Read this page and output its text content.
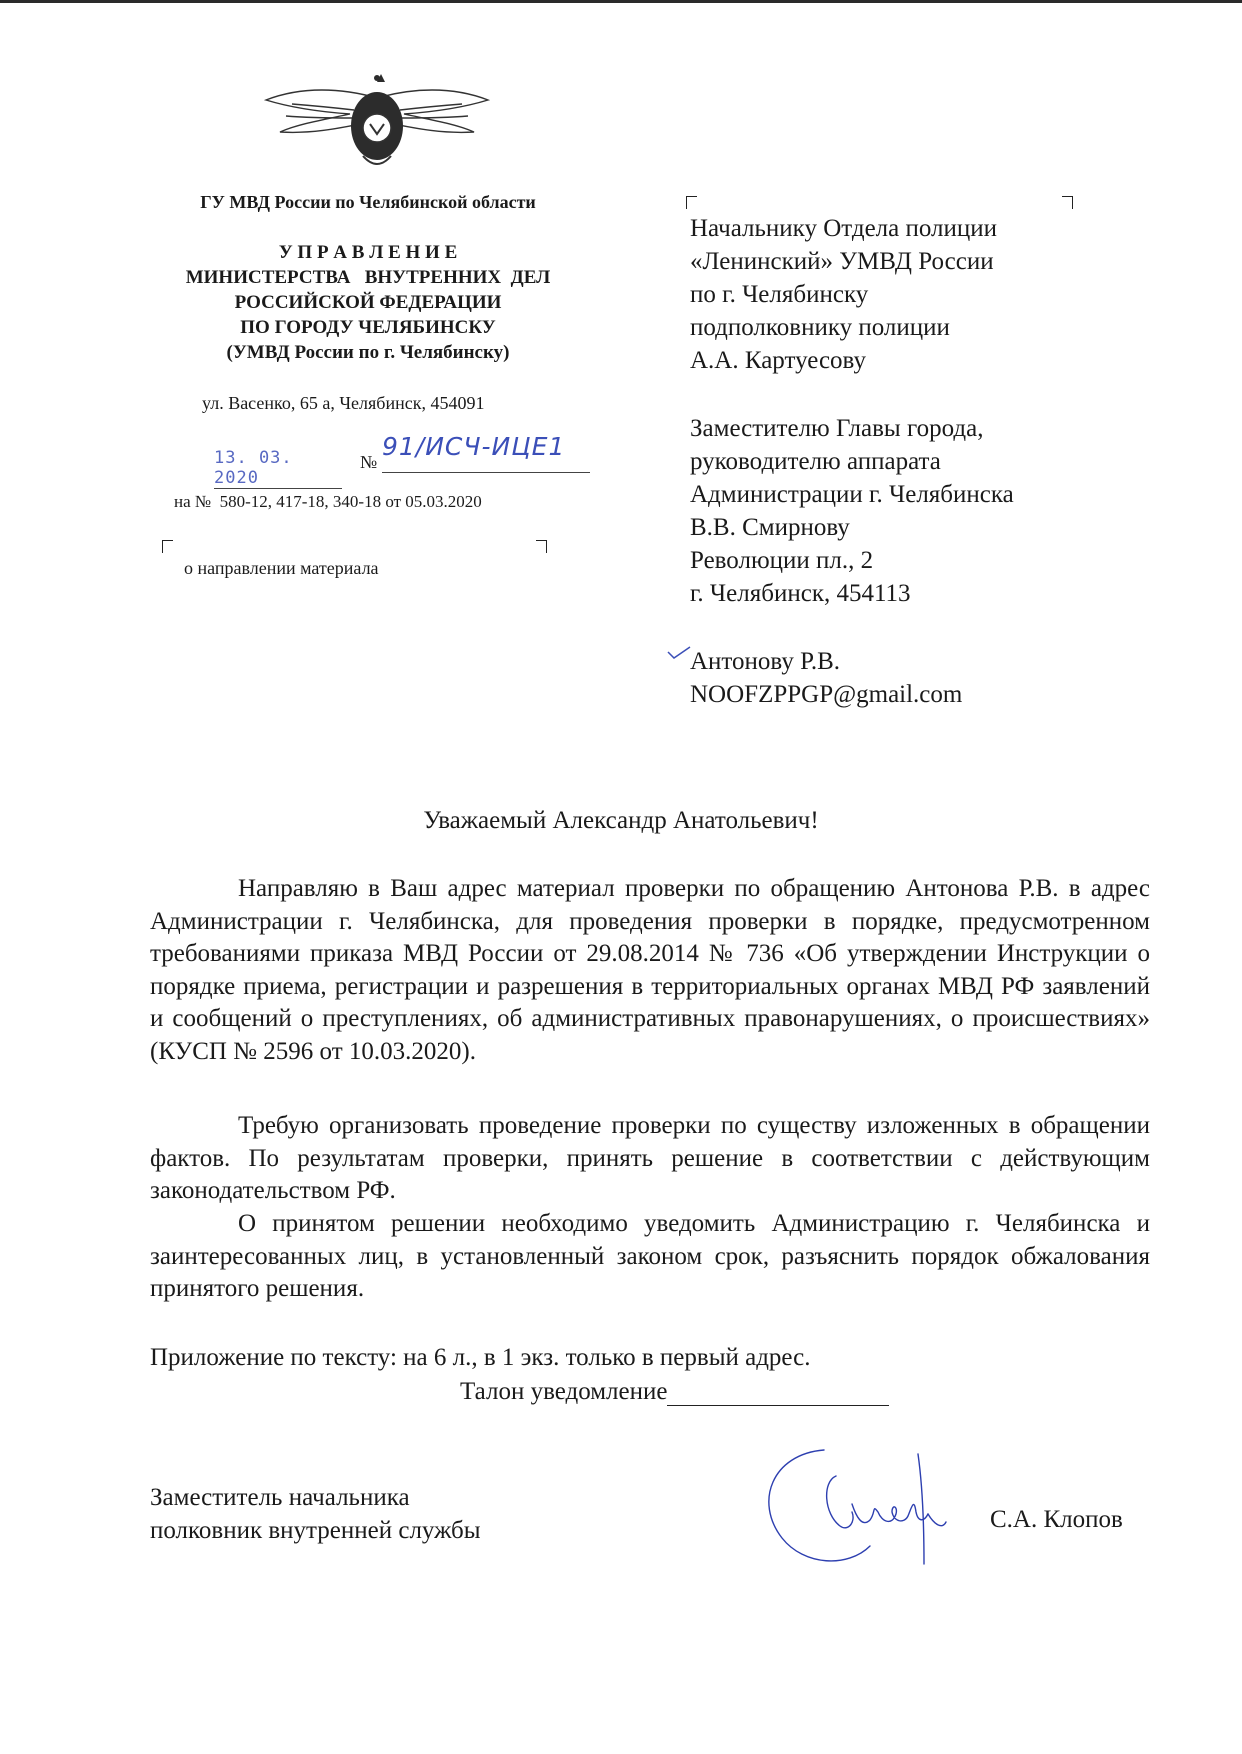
ГУ МВД России по Челябинской области
У П Р А В Л Е Н И Е
МИНИСТЕРСТВА   ВНУТРЕННИХ  ДЕЛ
РОССИЙСКОЙ ФЕДЕРАЦИИ
ПО ГОРОДУ ЧЕЛЯБИНСКУ
(УМВД России по г. Челябинску)
ул. Васенко, 65 а, Челябинск, 454091
13. 03. 2020
№
91/ИСЧ-ИЦЕ1
на №  580-12, 417-18, 340-18 от 05.03.2020
о направлении материала
Начальнику Отдела полиции
«Ленинский» УМВД России
по г. Челябинску
подполковнику полиции
А.А. Картуесову
Заместителю Главы города,
руководителю аппарата
Администрации г. Челябинска
В.В. Смирнову
Революции пл., 2
г. Челябинск, 454113
Антонову Р.В.
NOOFZPPGP@gmail.com
Уважаемый Александр Анатольевич!
Направляю в Ваш адрес материал проверки по обращению Антонова Р.В. в адрес Администрации г. Челябинска, для проведения проверки в порядке, предусмотренном требованиями приказа МВД России от 29.08.2014 № 736 «Об утверждении Инструкции о порядке приема, регистрации и разрешения в территориальных органах МВД РФ заявлений и сообщений о преступлениях, об административных правонарушениях, о происшествиях» (КУСП № 2596 от 10.03.2020).
Требую организовать проведение проверки по существу изложенных в обращении фактов. По результатам проверки, принять решение в соответствии с действующим законодательством РФ.
О принятом решении необходимо уведомить Администрацию г. Челябинска и заинтересованных лиц, в установленный законом срок, разъяснить порядок обжалования принятого решения.
Приложение по тексту: на 6 л., в 1 экз. только в первый адрес.
Талон уведомление
Заместитель начальника
полковник внутренней службы	С.А. Клопов
